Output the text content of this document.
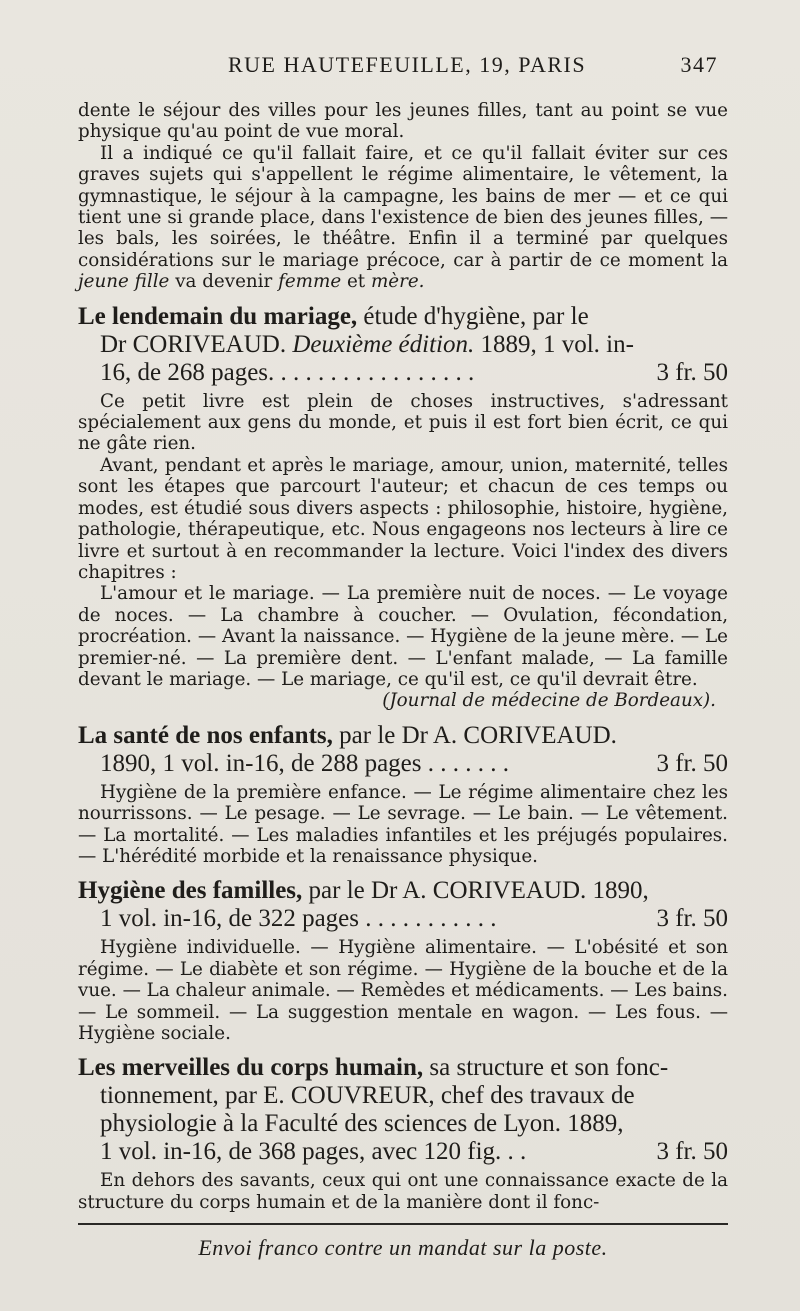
RUE HAUTEFEUILLE, 19, PARIS	347

dente le séjour des villes pour les jeunes filles, tant au point se vue physique qu'au point de vue moral.

Il a indiqué ce qu'il fallait faire, et ce qu'il fallait éviter sur ces graves sujets qui s'appellent le régime alimentaire, le vêtement, la gymnastique, le séjour à la campagne, les bains de mer — et ce qui tient une si grande place, dans l'existence de bien des jeunes filles, — les bals, les soirées, le théâtre. Enfin il a terminé par quelques considérations sur le mariage précoce, car à partir de ce moment la jeune fille va devenir femme et mère.

Le lendemain du mariage, étude d'hygiène, par le
Dr CORIVEAUD. Deuxième édition. 1889, 1 vol. in-
16, de 268 pages. . . . . . . . . . . . . . . . .	3 fr. 50

Ce petit livre est plein de choses instructives, s'adressant spécialement aux gens du monde, et puis il est fort bien écrit, ce qui ne gâte rien.

Avant, pendant et après le mariage, amour, union, maternité, telles sont les étapes que parcourt l'auteur; et chacun de ces temps ou modes, est étudié sous divers aspects : philosophie, histoire, hygiène, pathologie, thérapeutique, etc. Nous engageons nos lecteurs à lire ce livre et surtout à en recommander la lecture. Voici l'index des divers chapitres :

L'amour et le mariage. — La première nuit de noces. — Le voyage de noces. — La chambre à coucher. — Ovulation, fécondation, procréation. — Avant la naissance. — Hygiène de la jeune mère. — Le premier-né. — La première dent. — L'enfant malade, — La famille devant le mariage. — Le mariage, ce qu'il est, ce qu'il devrait être.

(Journal de médecine de Bordeaux).

La santé de nos enfants, par le Dr A. CORIVEAUD.
1890, 1 vol. in-16, de 288 pages . . . . . . .	3 fr. 50

Hygiène de la première enfance. — Le régime alimentaire chez les nourrissons. — Le pesage. — Le sevrage. — Le bain. — Le vêtement. — La mortalité. — Les maladies infantiles et les préjugés populaires. — L'hérédité morbide et la renaissance physique.

Hygiène des familles, par le Dr A. CORIVEAUD. 1890,
1 vol. in-16, de 322 pages . . . . . . . . . . .	3 fr. 50

Hygiène individuelle. — Hygiène alimentaire. — L'obésité et son régime. — Le diabète et son régime. — Hygiène de la bouche et de la vue. — La chaleur animale. — Remèdes et médicaments. — Les bains. — Le sommeil. — La suggestion mentale en wagon. — Les fous. — Hygiène sociale.

Les merveilles du corps humain, sa structure et son fonc-
tionnement, par E. COUVREUR, chef des travaux de
physiologie à la Faculté des sciences de Lyon. 1889,
1 vol. in-16, de 368 pages, avec 120 fig. . .	3 fr. 50

En dehors des savants, ceux qui ont une connaissance exacte de la structure du corps humain et de la manière dont il fonc-

Envoi franco contre un mandat sur la poste.
